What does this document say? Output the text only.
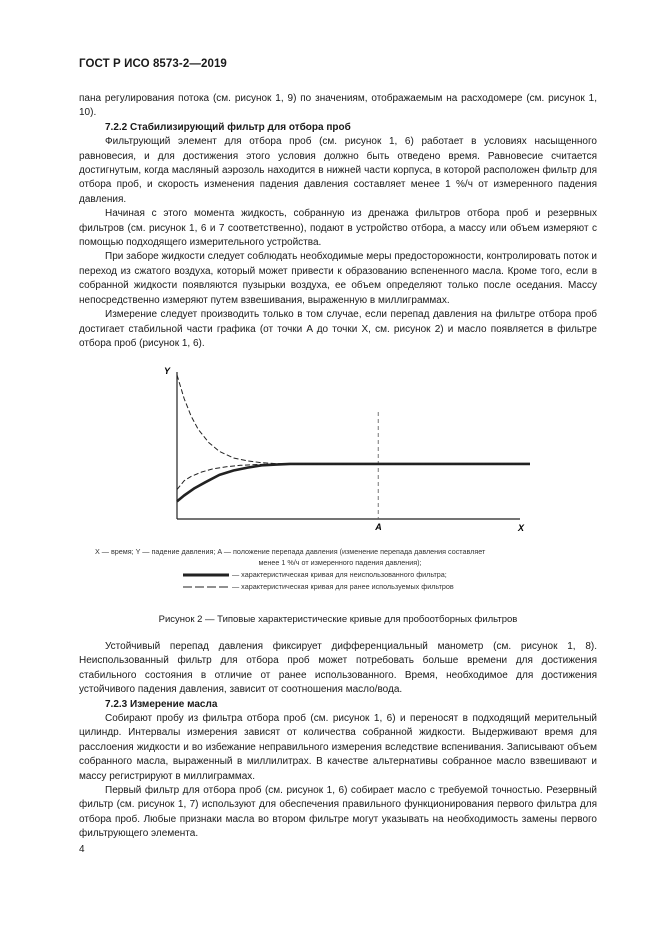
ГОСТ Р ИСО 8573-2—2019

пана регулирования потока (см. рисунок 1, 9) по значениям, отображаемым на расходомере (см. рисунок 1, 10).

7.2.2 Стабилизирующий фильтр для отбора проб

Фильтрующий элемент для отбора проб (см. рисунок 1, 6) работает в условиях насыщенного равновесия, и для достижения этого условия должно быть отведено время. Равновесие считается достигнутым, когда масляный аэрозоль находится в нижней части корпуса, в которой расположен фильтр для отбора проб, и скорость изменения падения давления составляет менее 1 %/ч от измеренного падения давления.

Начиная с этого момента жидкость, собранную из дренажа фильтров отбора проб и резервных фильтров (см. рисунок 1, 6 и 7 соответственно), подают в устройство отбора, а массу или объем измеряют с помощью подходящего измерительного устройства.

При заборе жидкости следует соблюдать необходимые меры предосторожности, контролировать поток и переход из сжатого воздуха, который может привести к образованию вспененного масла. Кроме того, если в собранной жидкости появляются пузырьки воздуха, ее объем определяют только после оседания. Массу непосредственно измеряют путем взвешивания, выраженную в миллиграммах.

Измерение следует производить только в том случае, если перепад давления на фильтре отбора проб достигает стабильной части графика (от точки A до точки X, см. рисунок 2) и масло появляется в фильтре отбора проб (рисунок 1, 6).

Y
X
A
X — время; Y — падение давления; A — положение перепада давления (изменение перепада давления составляет
менее 1 %/ч от измеренного падения давления);
— характеристическая кривая для неиспользованного фильтра;
— характеристическая кривая для ранее используемых фильтров
Рисунок 2 — Типовые характеристические кривые для пробоотборных фильтров

Устойчивый перепад давления фиксирует дифференциальный манометр (см. рисунок 1, 8). Неиспользованный фильтр для отбора проб может потребовать больше времени для достижения стабильного состояния в отличие от ранее использованного. Время, необходимое для достижения устойчивого падения давления, зависит от соотношения масло/вода.

7.2.3 Измерение масла

Собирают пробу из фильтра отбора проб (см. рисунок 1, 6) и переносят в подходящий мерительный цилиндр. Интервалы измерения зависят от количества собранной жидкости. Выдерживают время для расслоения жидкости и во избежание неправильного измерения вследствие вспенивания. Записывают объем собранного масла, выраженный в миллилитрах. В качестве альтернативы собранное масло взвешивают и массу регистрируют в миллиграммах.

Первый фильтр для отбора проб (см. рисунок 1, 6) собирает масло с требуемой точностью. Резервный фильтр (см. рисунок 1, 7) используют для обеспечения правильного функционирования первого фильтра для отбора проб. Любые признаки масла во втором фильтре могут указывать на необходимость замены первого фильтрующего элемента.

4
